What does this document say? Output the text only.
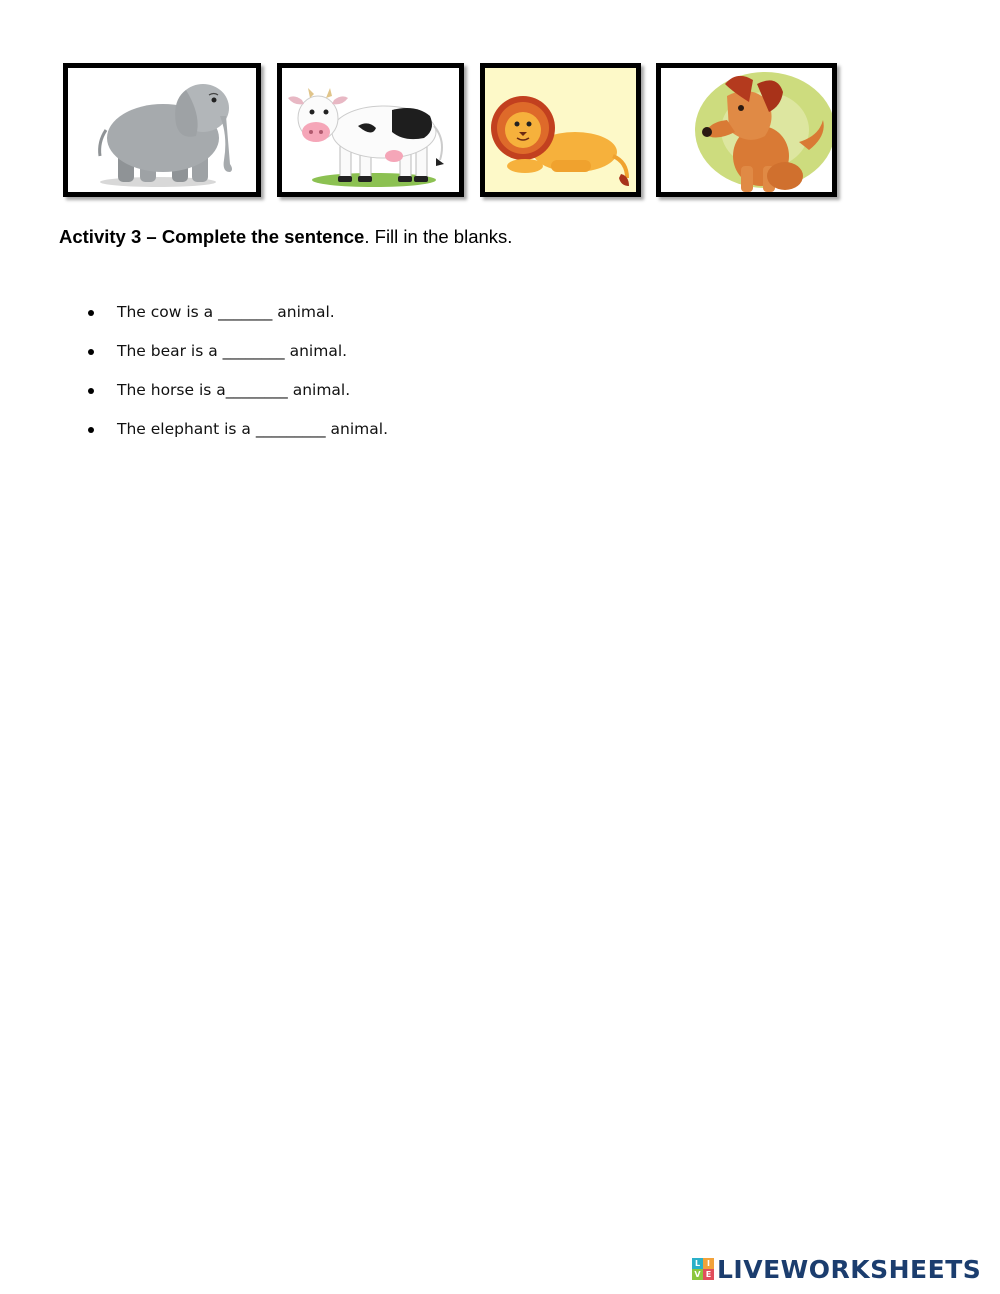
Activity 3 – Complete the sentence. Fill in the blanks.

The cow is a _______ animal.

The bear is a ________ animal.

The horse is a________ animal.

The elephant is a _________ animal.

L I
V E LIVEWORKSHEETS
